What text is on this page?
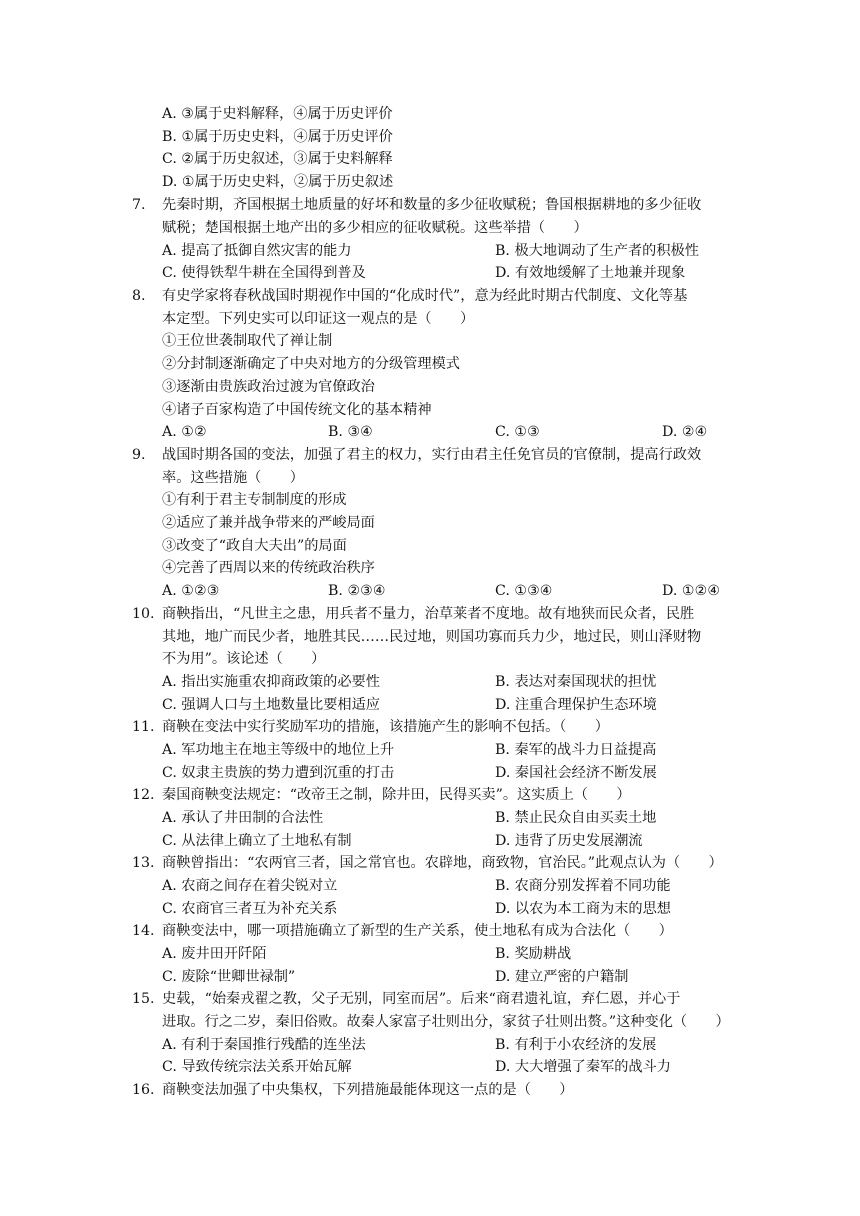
A. ③属于史料解释，④属于历史评价
B. ①属于历史史料，④属于历史评价
C. ②属于历史叙述，③属于史料解释
D. ①属于历史史料，②属于历史叙述
7. 先秦时期，齐国根据土地质量的好坏和数量的多少征收赋税；鲁国根据耕地的多少征收
赋税；楚国根据土地产出的多少相应的征收赋税。这些举措（　　）
A. 提高了抵御自然灾害的能力	B. 极大地调动了生产者的积极性
C. 使得铁犁牛耕在全国得到普及	D. 有效地缓解了土地兼并现象
8. 有史学家将春秋战国时期视作中国的“化成时代”，意为经此时期古代制度、文化等基
本定型。下列史实可以印证这一观点的是（　　）
①王位世袭制取代了禅让制
②分封制逐渐确定了中央对地方的分级管理模式
③逐渐由贵族政治过渡为官僚政治
④诸子百家构造了中国传统文化的基本精神
A. ①②	B. ③④	C. ①③	D. ②④
9. 战国时期各国的变法，加强了君主的权力，实行由君主任免官员的官僚制，提高行政效
率。这些措施（　　）
①有利于君主专制制度的形成
②适应了兼并战争带来的严峻局面
③改变了“政自大夫出”的局面
④完善了西周以来的传统政治秩序
A. ①②③	B. ②③④	C. ①③④	D. ①②④
10. 商鞅指出，“凡世主之患，用兵者不量力，治草莱者不度地。故有地狭而民众者，民胜
其地，地广而民少者，地胜其民……民过地，则国功寡而兵力少，地过民，则山泽财物
不为用”。该论述（　　）
A. 指出实施重农抑商政策的必要性	B. 表达对秦国现状的担忧
C. 强调人口与土地数量比要相适应	D. 注重合理保护生态环境
11. 商鞅在变法中实行奖励军功的措施，该措施产生的影响不包括。（　　）
A. 军功地主在地主等级中的地位上升	B. 秦军的战斗力日益提高
C. 奴隶主贵族的势力遭到沉重的打击	D. 秦国社会经济不断发展
12. 秦国商鞅变法规定：“改帝王之制，除井田，民得买卖”。这实质上（　　）
A. 承认了井田制的合法性	B. 禁止民众自由买卖土地
C. 从法律上确立了土地私有制	D. 违背了历史发展潮流
13. 商鞅曾指出：“农两官三者，国之常官也。农辟地，商致物，官治民。”此观点认为（　　）
A. 农商之间存在着尖锐对立	B. 农商分别发挥着不同功能
C. 农商官三者互为补充关系	D. 以农为本工商为末的思想
14. 商鞅变法中，哪一项措施确立了新型的生产关系，使土地私有成为合法化（　　）
A. 废井田开阡陌	B. 奖励耕战
C. 废除“世卿世禄制”	D. 建立严密的户籍制
15. 史载，“始秦戎翟之教，父子无别，同室而居”。后来“商君遗礼谊，弃仁恩，并心于
进取。行之二岁，秦旧俗败。故秦人家富子壮则出分，家贫子壮则出赘。”这种变化（　　）
A. 有利于秦国推行残酷的连坐法	B. 有利于小农经济的发展
C. 导致传统宗法关系开始瓦解	D. 大大增强了秦军的战斗力
16. 商鞅变法加强了中央集权，下列措施最能体现这一点的是（　　）
